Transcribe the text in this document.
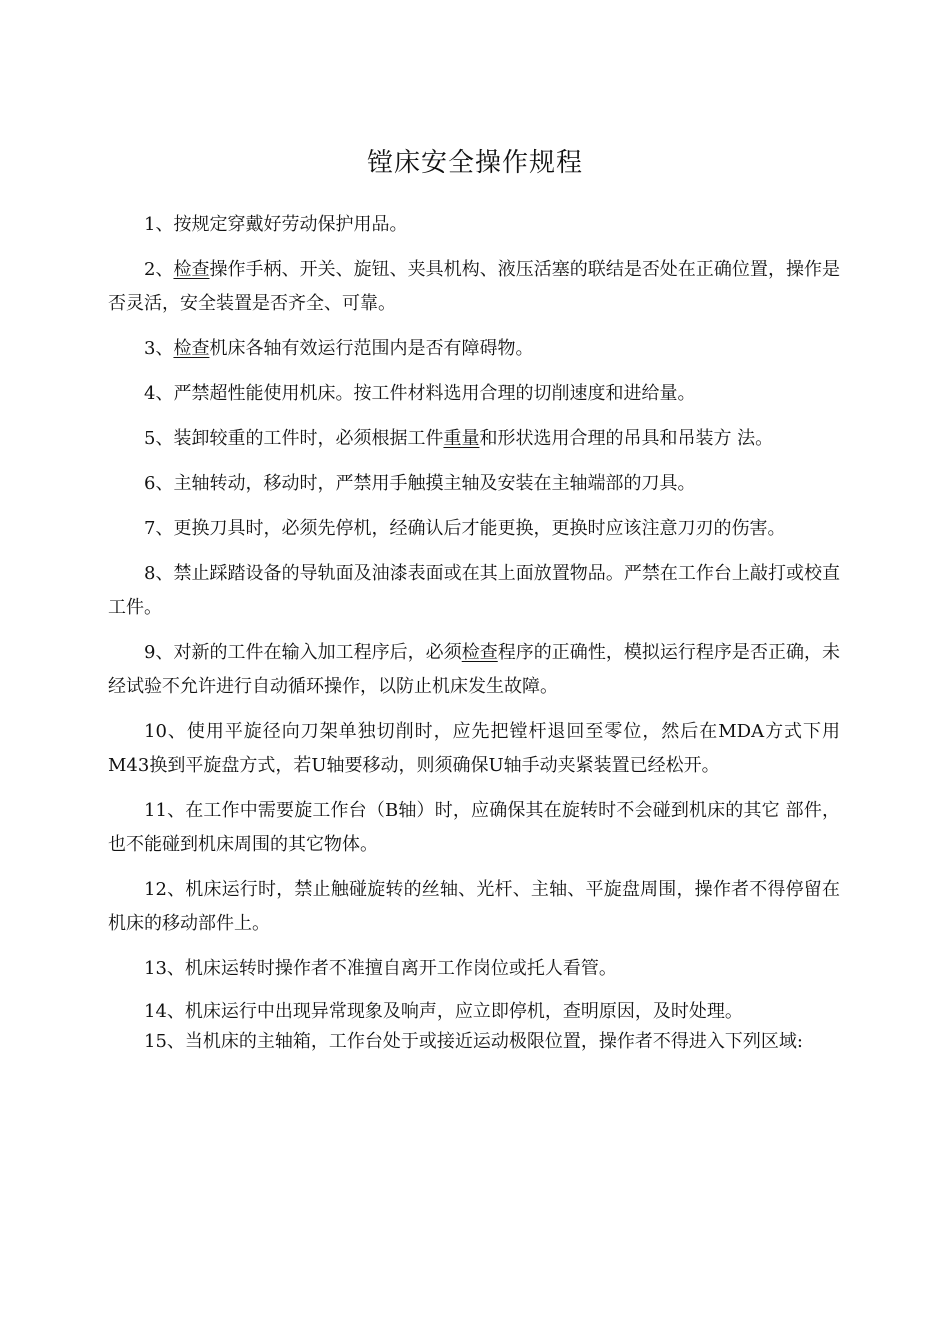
镗床安全操作规程

1、按规定穿戴好劳动保护用品。

2、检查操作手柄、开关、旋钮、夹具机构、液压活塞的联结是否处在正确位置，操作是否灵活，安全装置是否齐全、可靠。

3、检查机床各轴有效运行范围内是否有障碍物。

4、严禁超性能使用机床。按工件材料选用合理的切削速度和进给量。

5、装卸较重的工件时，必须根据工件重量和形状选用合理的吊具和吊装方 法。

6、主轴转动，移动时，严禁用手触摸主轴及安装在主轴端部的刀具。

7、更换刀具时，必须先停机，经确认后才能更换，更换时应该注意刀刃的伤害。

8、禁止踩踏设备的导轨面及油漆表面或在其上面放置物品。严禁在工作台上敲打或校直工件。

9、对新的工件在输入加工程序后，必须检查程序的正确性，模拟运行程序是否正确，未经试验不允许进行自动循环操作，以防止机床发生故障。

10、使用平旋径向刀架单独切削时，应先把镗杆退回至零位，然后在MDA方式下用M43换到平旋盘方式，若U轴要移动，则须确保U轴手动夹紧装置已经松开。

11、在工作中需要旋工作台（B轴）时，应确保其在旋转时不会碰到机床的其它 部件，也不能碰到机床周围的其它物体。

12、机床运行时，禁止触碰旋转的丝轴、光杆、主轴、平旋盘周围，操作者不得停留在机床的移动部件上。

13、机床运转时操作者不准擅自离开工作岗位或托人看管。

14、机床运行中出现异常现象及响声，应立即停机，查明原因，及时处理。

15、当机床的主轴箱，工作台处于或接近运动极限位置，操作者不得进入下列区域:
